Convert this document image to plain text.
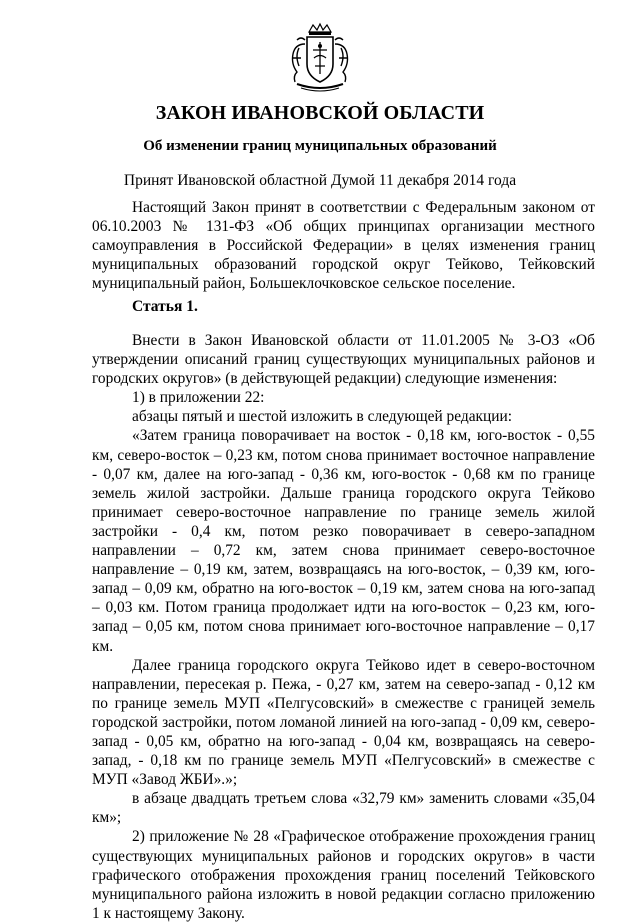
ЗАКОН ИВАНОВСКОЙ ОБЛАСТИ
Об изменении границ муниципальных образований
Принят Ивановской областной Думой 11 декабря 2014 года

Настоящий Закон принят в соответствии с Федеральным законом от 06.10.2003 № 131-ФЗ «Об общих принципах организации местного самоуправления в Российской Федерации» в целях изменения границ муниципальных образований городской округ Тейково, Тейковский муниципальный район, Большеклочковское сельское поселение.

Статья 1.

Внести в Закон Ивановской области от 11.01.2005 № 3-ОЗ «Об утверждении описаний границ существующих муниципальных районов и городских округов» (в действующей редакции) следующие изменения:

1) в приложении 22:

абзацы пятый и шестой изложить в следующей редакции:

«Затем граница поворачивает на восток - 0,18 км, юго-восток - 0,55 км, северо-восток – 0,23 км, потом снова принимает восточное направление - 0,07 км, далее на юго-запад - 0,36 км, юго-восток - 0,68 км по границе земель жилой застройки. Дальше граница городского округа Тейково принимает северо-восточное направление по границе земель жилой застройки - 0,4 км, потом резко поворачивает в северо-западном направлении – 0,72 км, затем снова принимает северо-восточное направление – 0,19 км, затем, возвращаясь на юго-восток, – 0,39 км, юго-запад – 0,09 км, обратно на юго-восток – 0,19 км, затем снова на юго-запад – 0,03 км. Потом граница продолжает идти на юго-восток – 0,23 км, юго-запад – 0,05 км, потом снова принимает юго-восточное направление – 0,17 км.

Далее граница городского округа Тейково идет в северо-восточном направлении, пересекая р. Пежа, - 0,27 км, затем на северо-запад - 0,12 км по границе земель МУП «Пелгусовский» в смежестве с границей земель городской застройки, потом ломаной линией на юго-запад - 0,09 км, северо-запад - 0,05 км, обратно на юго-запад - 0,04 км, возвращаясь на северо-запад, - 0,18 км по границе земель МУП «Пелгусовский» в смежестве с МУП «Завод ЖБИ».»;

в абзаце двадцать третьем слова «32,79 км» заменить словами «35,04 км»;

2) приложение № 28 «Графическое отображение прохождения границ существующих муниципальных районов и городских округов» в части графического отображения прохождения границ поселений Тейковского муниципального района изложить в новой редакции согласно приложению 1 к настоящему Закону.
